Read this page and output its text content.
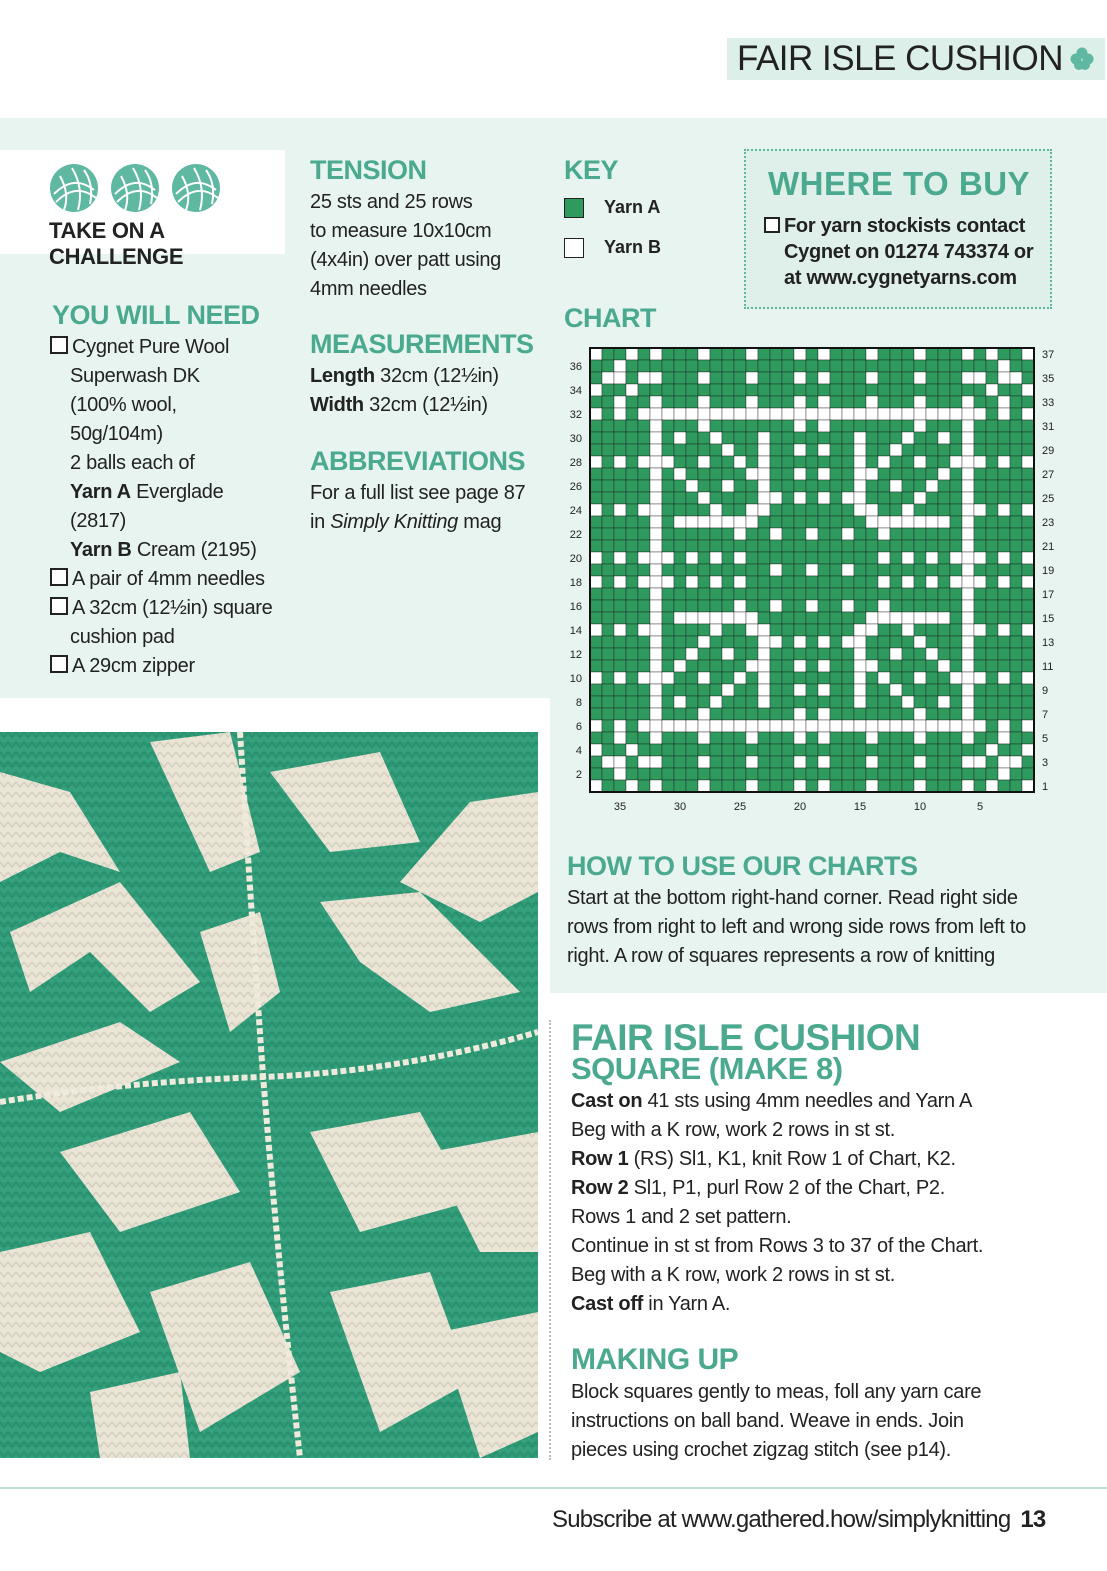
FAIR ISLE CUSHION
TAKE ON A CHALLENGE
YOU WILL NEED
Cygnet Pure Wool
Superwash DK
(100% wool,
50g/104m)
2 balls each of
Yarn A Everglade
(2817)
Yarn B Cream (2195)
A pair of 4mm needles
A 32cm (12½in) square
cushion pad
A 29cm zipper
TENSION
25 sts and 25 rows
to measure 10x10cm
(4x4in) over patt using
4mm needles
MEASUREMENTS
Length 32cm (12½in)
Width 32cm (12½in)
ABBREVIATIONS
For a full list see page 87
in Simply Knitting mag
KEY
Yarn A
Yarn B
WHERE TO BUY
For yarn stockists contact
Cygnet on 01274 743374 or
at www.cygnetyarns.com
CHART
36
34
32
30
28
26
24
22
20
18
16
14
12
10
8
6
4
2
37
35
33
31
29
27
25
23
21
19
17
15
13
11
9
7
5
3
1
35	30	25	20	15	10	5
HOW TO USE OUR CHARTS
Start at the bottom right-hand corner. Read right side
rows from right to left and wrong side rows from left to
right. A row of squares represents a row of knitting
FAIR ISLE CUSHION
SQUARE (MAKE 8)
Cast on 41 sts using 4mm needles and Yarn A
Beg with a K row, work 2 rows in st st.
Row 1 (RS) Sl1, K1, knit Row 1 of Chart, K2.
Row 2 Sl1, P1, purl Row 2 of the Chart, P2.
Rows 1 and 2 set pattern.
Continue in st st from Rows 3 to 37 of the Chart.
Beg with a K row, work 2 rows in st st.
Cast off in Yarn A.
MAKING UP
Block squares gently to meas, foll any yarn care
instructions on ball band. Weave in ends. Join
pieces using crochet zigzag stitch (see p14).
Subscribe at www.gathered.how/simplyknitting 13
